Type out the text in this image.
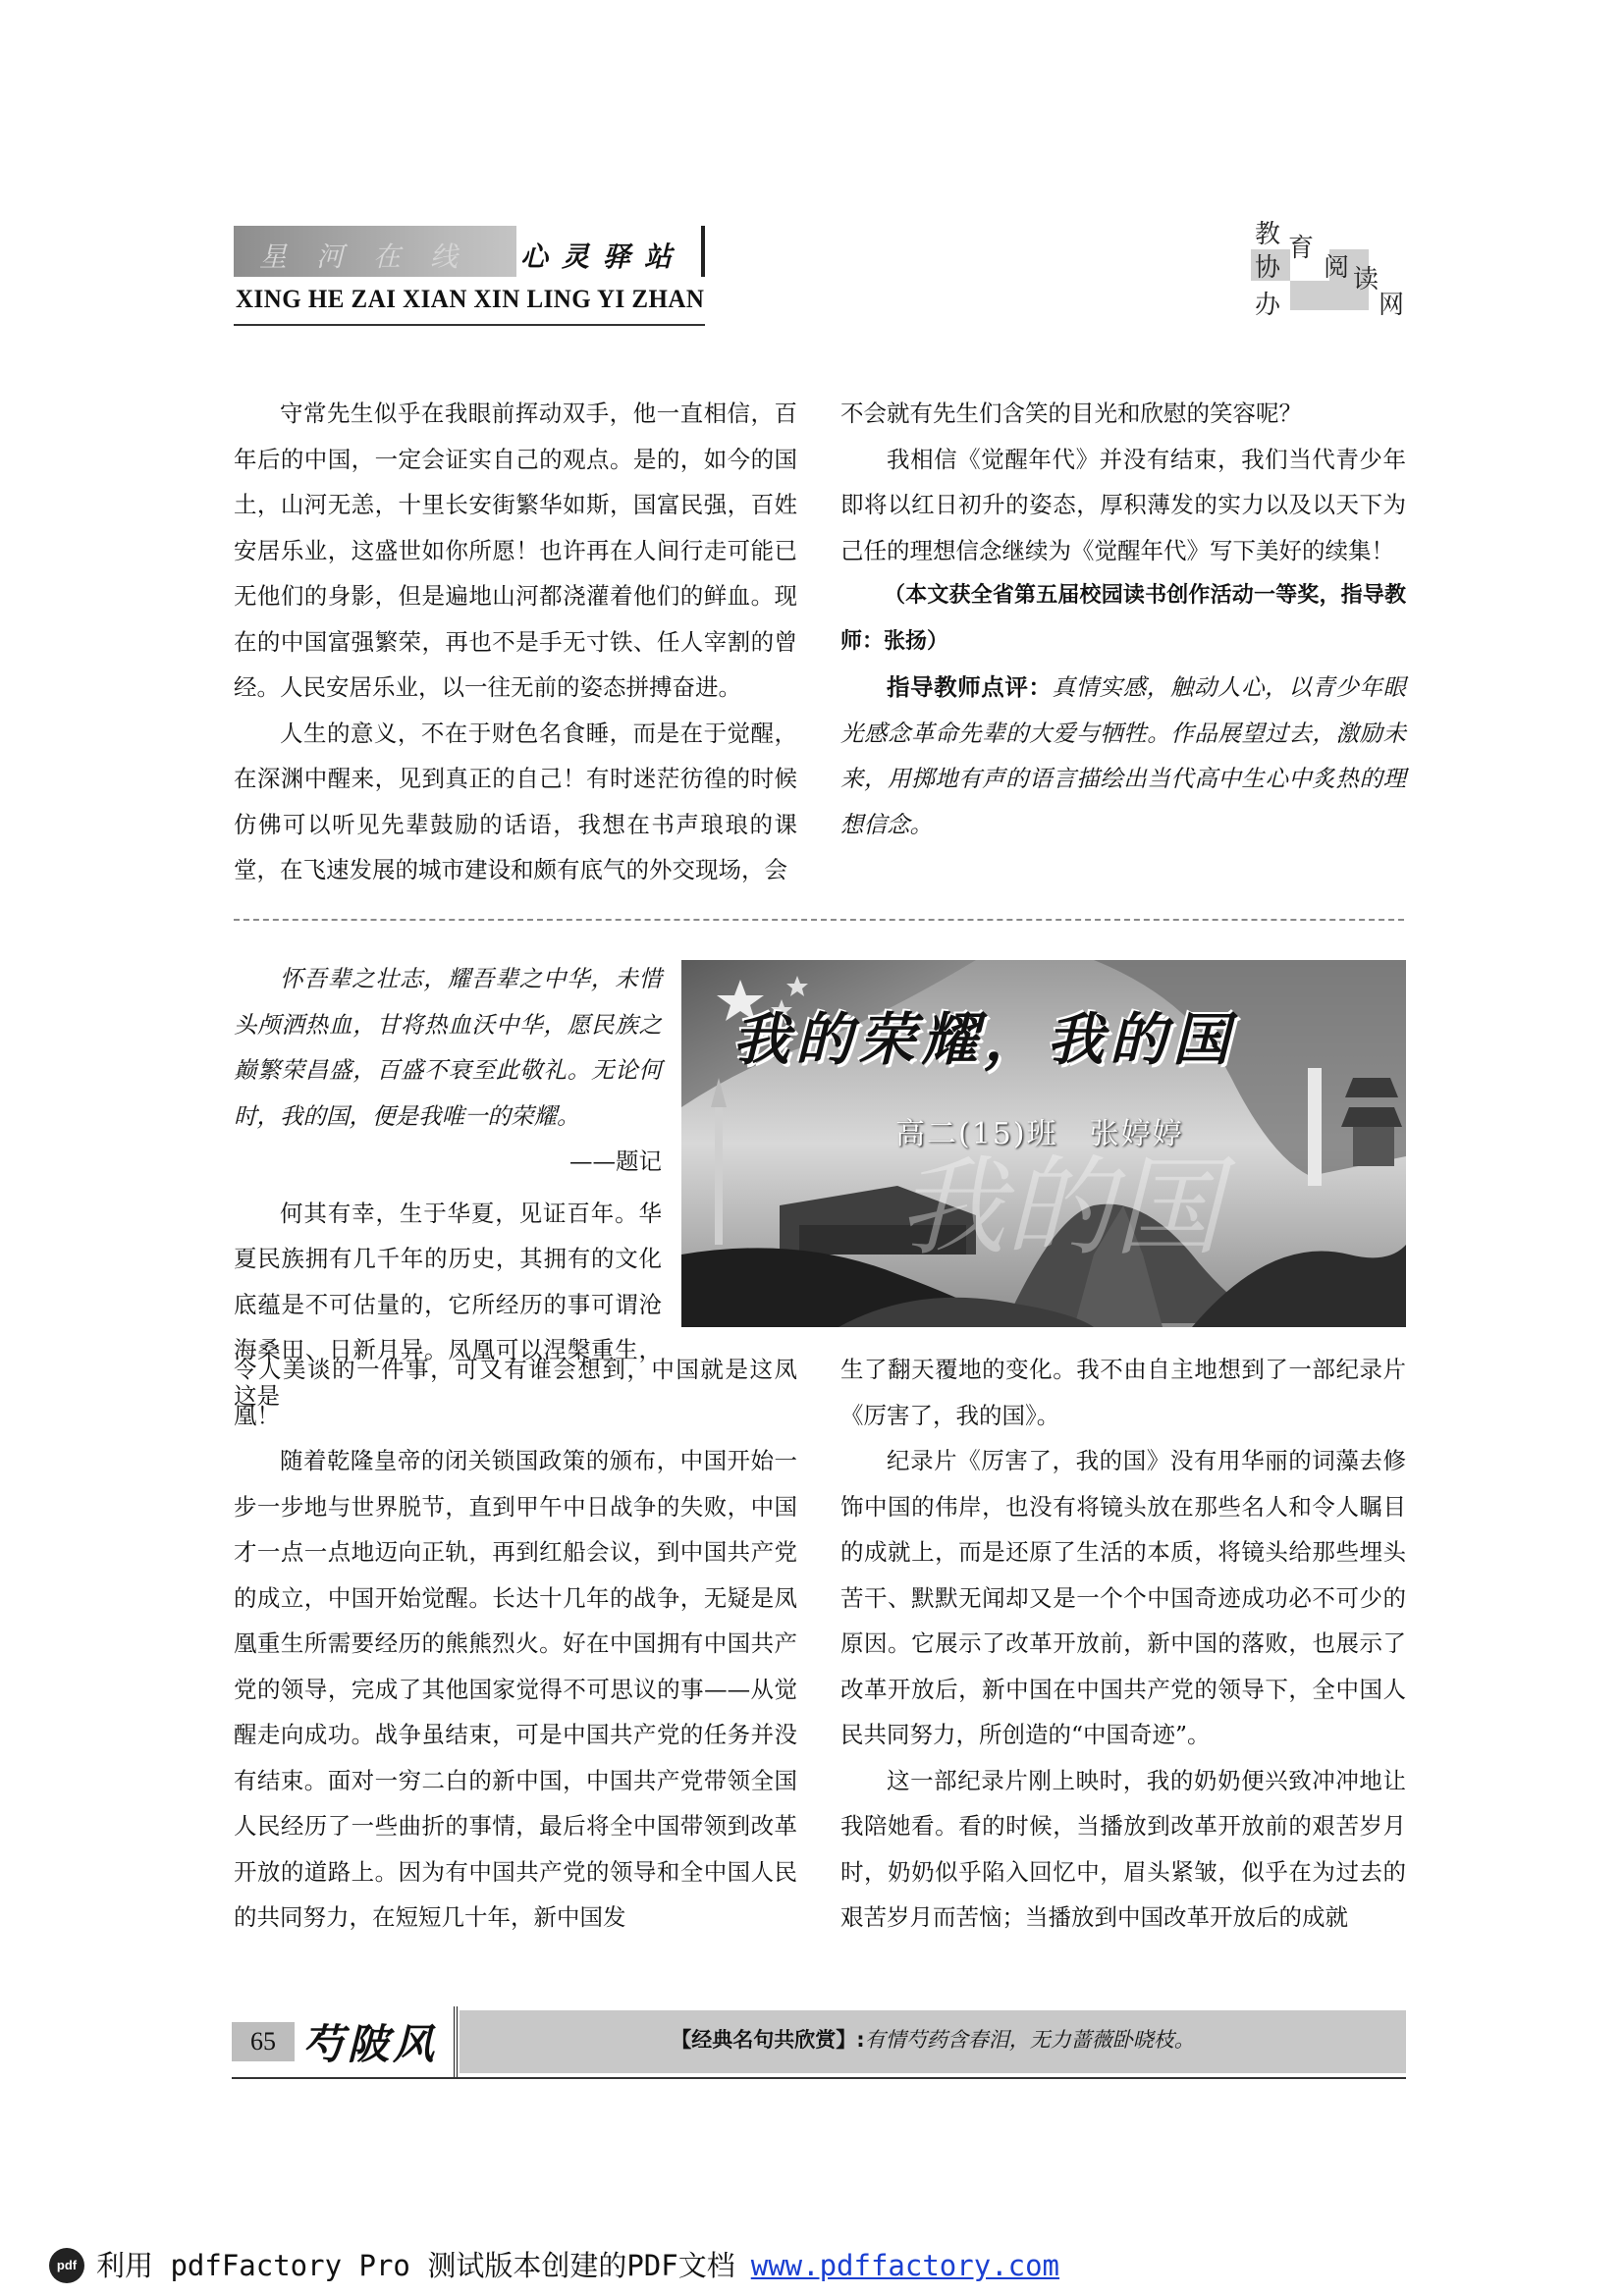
星河在线 心灵驿站
XING HE ZAI XIAN XIN LING YI ZHAN
教 育
协 阅 读
办	网

守常先生似乎在我眼前挥动双手，他一直相信，百年后的中国，一定会证实自己的观点。是的，如今的国土，山河无恙，十里长安街繁华如斯，国富民强，百姓安居乐业，这盛世如你所愿！也许再在人间行走可能已无他们的身影，但是遍地山河都浇灌着他们的鲜血。现在的中国富强繁荣，再也不是手无寸铁、任人宰割的曾经。人民安居乐业，以一往无前的姿态拼搏奋进。

人生的意义，不在于财色名食睡，而是在于觉醒，在深渊中醒来，见到真正的自己！有时迷茫彷徨的时候仿佛可以听见先辈鼓励的话语，我想在书声琅琅的课堂，在飞速发展的城市建设和颇有底气的外交现场，会

不会就有先生们含笑的目光和欣慰的笑容呢？

我相信《觉醒年代》并没有结束，我们当代青少年即将以红日初升的姿态，厚积薄发的实力以及以天下为己任的理想信念继续为《觉醒年代》写下美好的续集！

（本文获全省第五届校园读书创作活动一等奖，指导教师：张扬）

指导教师点评：真情实感，触动人心，以青少年眼光感念革命先辈的大爱与牺牲。作品展望过去，激励未来，用掷地有声的语言描绘出当代高中生心中炙热的理想信念。

我的国
我的荣耀，我的国
高二(15)班　张婷婷

怀吾辈之壮志，耀吾辈之中华，未惜头颅洒热血，甘将热血沃中华，愿民族之巅繁荣昌盛，百盛不衰至此敬礼。无论何时，我的国，便是我唯一的荣耀。

——题记

何其有幸，生于华夏，见证百年。华夏民族拥有几千年的历史，其拥有的文化底蕴是不可估量的，它所经历的事可谓沧海桑田、日新月异。凤凰可以涅槃重生，这是

令人美谈的一件事，可又有谁会想到，中国就是这凤凰！

随着乾隆皇帝的闭关锁国政策的颁布，中国开始一步一步地与世界脱节，直到甲午中日战争的失败，中国才一点一点地迈向正轨，再到红船会议，到中国共产党的成立，中国开始觉醒。长达十几年的战争，无疑是凤凰重生所需要经历的熊熊烈火。好在中国拥有中国共产党的领导，完成了其他国家觉得不可思议的事——从觉醒走向成功。战争虽结束，可是中国共产党的任务并没有结束。面对一穷二白的新中国，中国共产党带领全国人民经历了一些曲折的事情，最后将全中国带领到改革开放的道路上。因为有中国共产党的领导和全中国人民的共同努力，在短短几十年，新中国发

生了翻天覆地的变化。我不由自主地想到了一部纪录片《厉害了，我的国》。

纪录片《厉害了，我的国》没有用华丽的词藻去修饰中国的伟岸，也没有将镜头放在那些名人和令人瞩目的成就上，而是还原了生活的本质，将镜头给那些埋头苦干、默默无闻却又是一个个中国奇迹成功必不可少的原因。它展示了改革开放前，新中国的落败，也展示了改革开放后，新中国在中国共产党的领导下，全中国人民共同努力，所创造的“中国奇迹”。

这一部纪录片刚上映时，我的奶奶便兴致冲冲地让我陪她看。看的时候，当播放到改革开放前的艰苦岁月时，奶奶似乎陷入回忆中，眉头紧皱，似乎在为过去的艰苦岁月而苦恼；当播放到中国改革开放后的成就

65 芍陂风	【经典名句共欣赏】:有情芍药含春泪，无力蔷薇卧晓枝。
pdf 利用 pdfFactory Pro 测试版本创建的PDF文档 www.pdffactory.com
